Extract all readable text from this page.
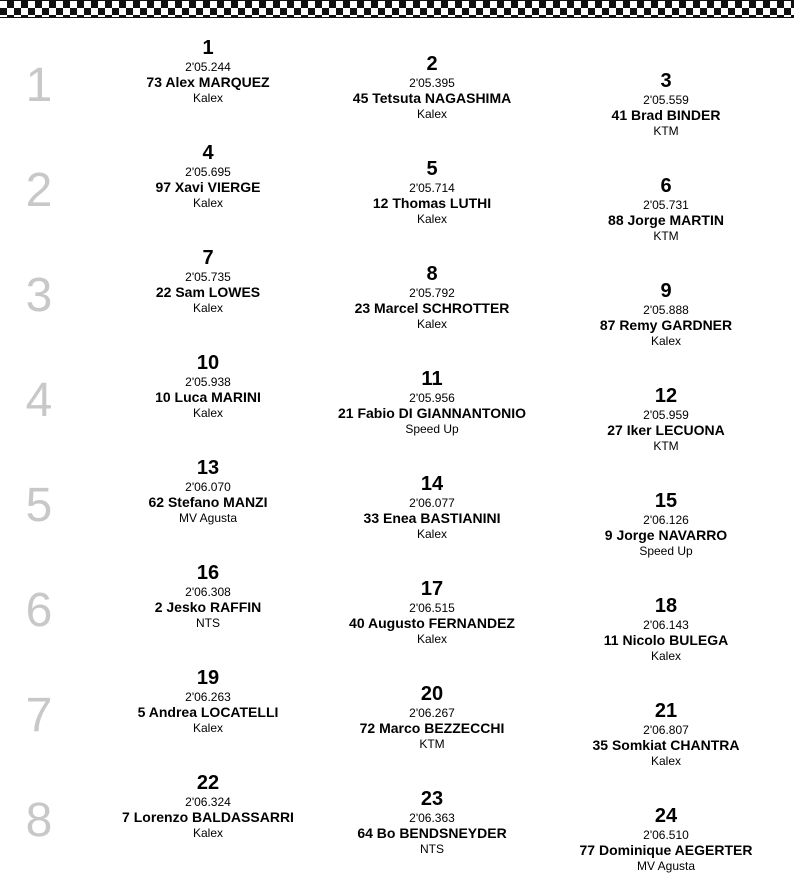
1
1
2'05.244
73 Alex MARQUEZ
Kalex
2
2'05.395
45 Tetsuta NAGASHIMA
Kalex
3
2'05.559
41 Brad BINDER
KTM
2
4
2'05.695
97 Xavi VIERGE
Kalex
5
2'05.714
12 Thomas LUTHI
Kalex
6
2'05.731
88 Jorge MARTIN
KTM
3
7
2'05.735
22 Sam LOWES
Kalex
8
2'05.792
23 Marcel SCHROTTER
Kalex
9
2'05.888
87 Remy GARDNER
Kalex
4
10
2'05.938
10 Luca MARINI
Kalex
11
2'05.956
21 Fabio DI GIANNANTONIO
Speed Up
12
2'05.959
27 Iker LECUONA
KTM
5
13
2'06.070
62 Stefano MANZI
MV Agusta
14
2'06.077
33 Enea BASTIANINI
Kalex
15
2'06.126
9 Jorge NAVARRO
Speed Up
6
16
2'06.308
2 Jesko RAFFIN
NTS
17
2'06.515
40 Augusto FERNANDEZ
Kalex
18
2'06.143
11 Nicolo BULEGA
Kalex
7
19
2'06.263
5 Andrea LOCATELLI
Kalex
20
2'06.267
72 Marco BEZZECCHI
KTM
21
2'06.807
35 Somkiat CHANTRA
Kalex
8
22
2'06.324
7 Lorenzo BALDASSARRI
Kalex
23
2'06.363
64 Bo BENDSNEYDER
NTS
24
2'06.510
77 Dominique AEGERTER
MV Agusta
